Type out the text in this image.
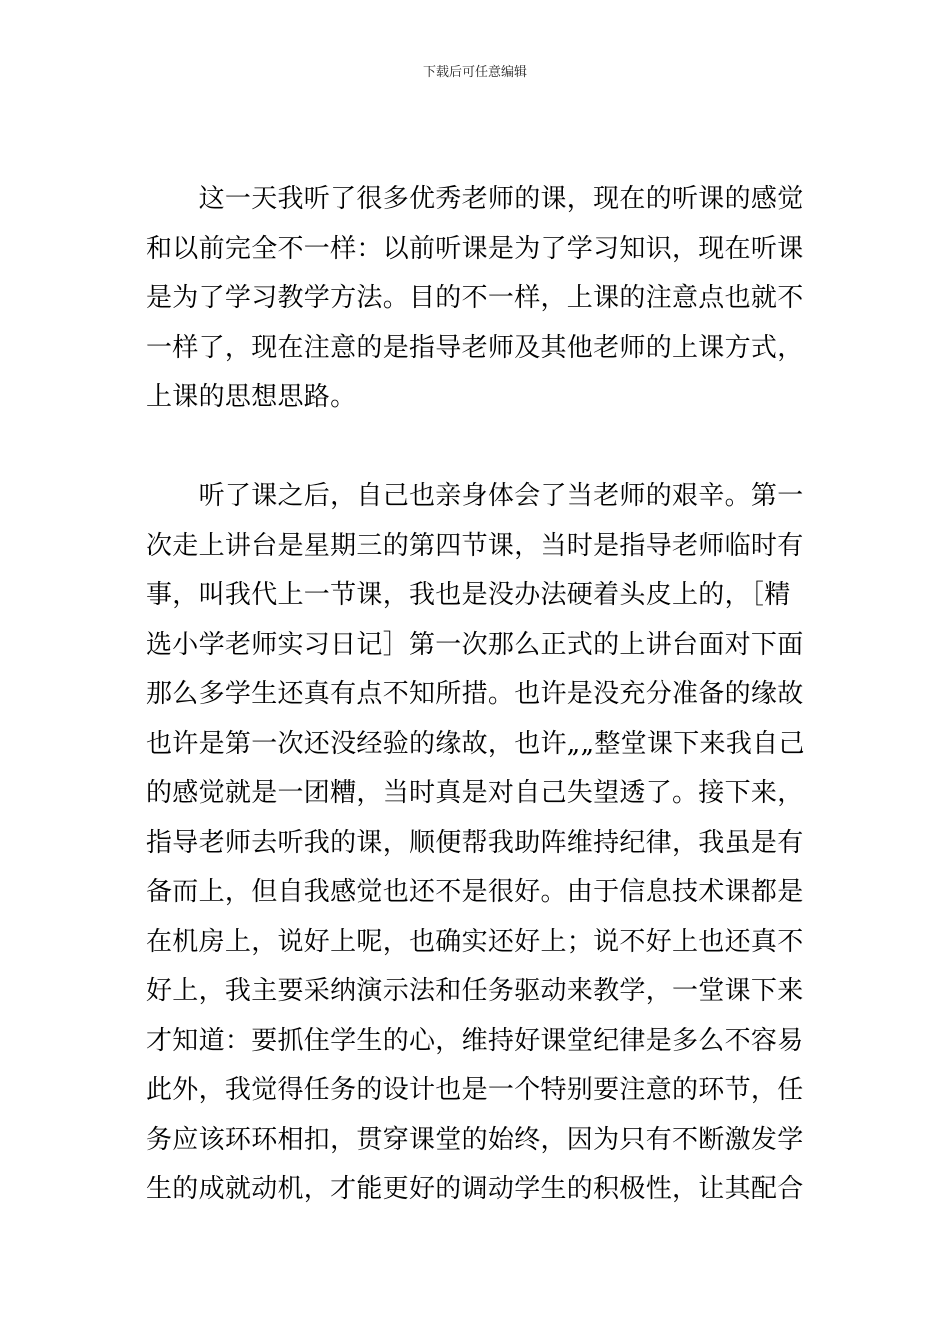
下载后可任意编辑
　　这一天我听了很多优秀老师的课，现在的听课的感觉
和以前完全不一样：以前听课是为了学习知识，现在听课
是为了学习教学方法。目的不一样，上课的注意点也就不
一样了，现在注意的是指导老师及其他老师的上课方式，
上课的思想思路。
　　听了课之后，自己也亲身体会了当老师的艰辛。第一
次走上讲台是星期三的第四节课，当时是指导老师临时有
事，叫我代上一节课，我也是没办法硬着头皮上的，［精
选小学老师实习日记］第一次那么正式的上讲台面对下面
那么多学生还真有点不知所措。也许是没充分准备的缘故
也许是第一次还没经验的缘故，也许„„整堂课下来我自己
的感觉就是一团糟，当时真是对自己失望透了。接下来，
指导老师去听我的课，顺便帮我助阵维持纪律，我虽是有
备而上，但自我感觉也还不是很好。由于信息技术课都是
在机房上，说好上呢，也确实还好上；说不好上也还真不
好上，我主要采纳演示法和任务驱动来教学，一堂课下来
才知道：要抓住学生的心，维持好课堂纪律是多么不容易
此外，我觉得任务的设计也是一个特别要注意的环节，任
务应该环环相扣，贯穿课堂的始终，因为只有不断激发学
生的成就动机，才能更好的调动学生的积极性，让其配合
